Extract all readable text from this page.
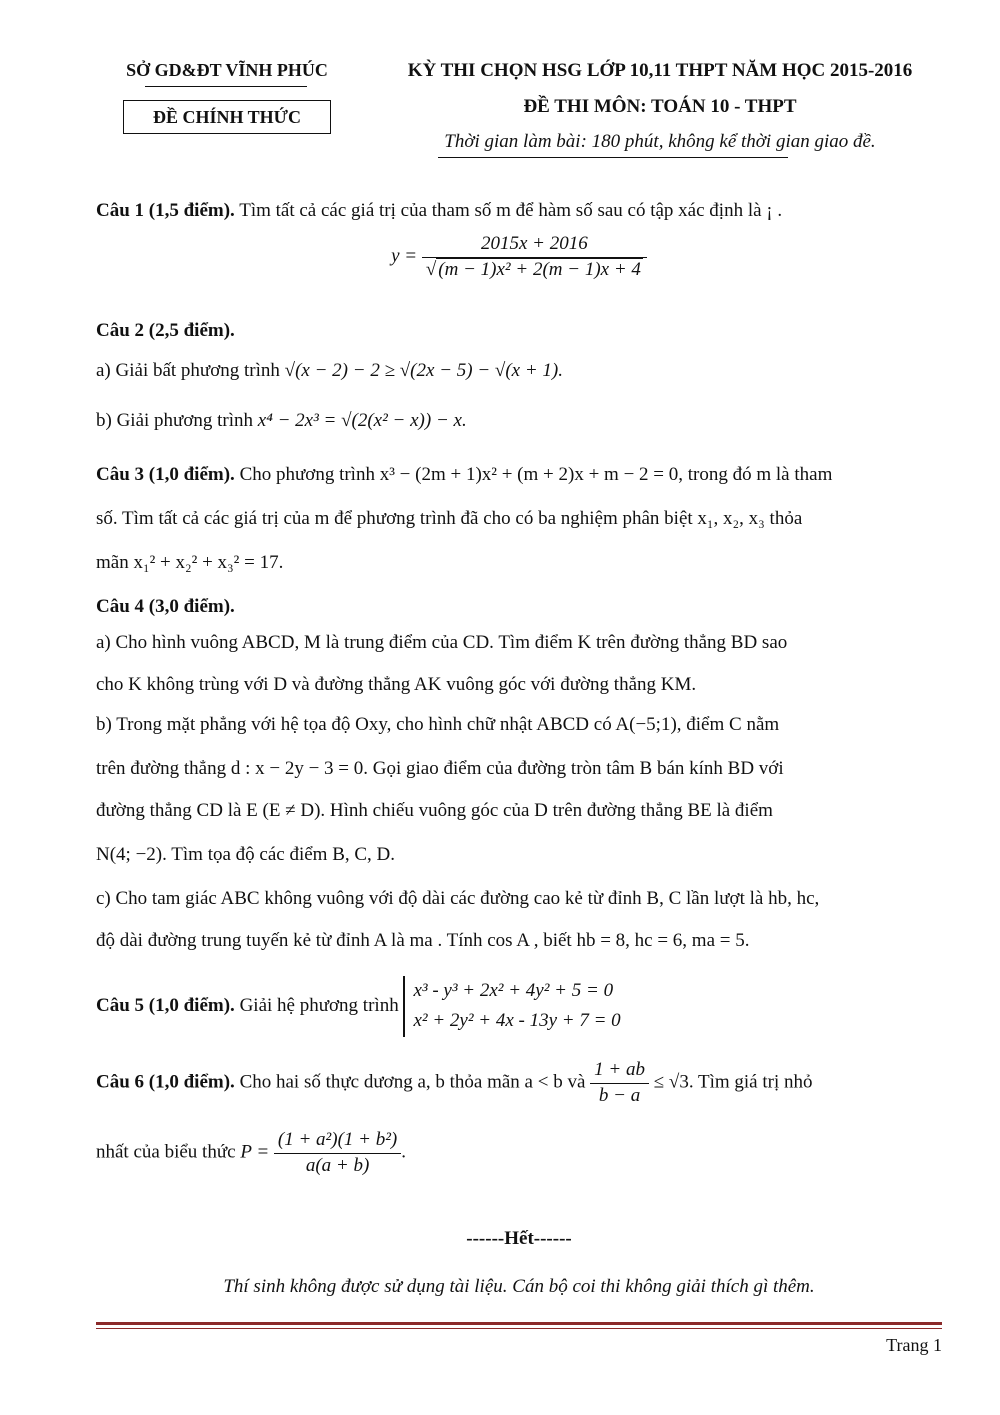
SỞ GD&ĐT VĨNH PHÚC
ĐỀ CHÍNH THỨC
KỲ THI CHỌN HSG LỚP 10,11 THPT NĂM HỌC 2015-2016
ĐỀ THI MÔN: TOÁN 10 - THPT
Thời gian làm bài: 180 phút, không kể thời gian giao đề.
Câu 1 (1,5 điểm). Tìm tất cả các giá trị của tham số m để hàm số sau có tập xác định là ¡ .
$y = \frac{2015x + 2016}{\text{√ (m − 1)x² + 2(m − 1)x + 4}}$
Câu 2 (2,5 điểm).
a) Giải bất phương trình √(x − 2) − 2 ≥ √(2x − 5) − √(x + 1).
b) Giải phương trình x⁴ − 2x³ = √(2(x² − x)) − x.
Câu 3 (1,0 điểm). Cho phương trình x³ − (2m + 1)x² + (m + 2)x + m − 2 = 0, trong đó m là tham
số. Tìm tất cả các giá trị của m để phương trình đã cho có ba nghiệm phân biệt x₁, x₂, x₃ thỏa
mãn x₁² + x₂² + x₃² = 17.
Câu 4 (3,0 điểm).
a) Cho hình vuông ABCD, M là trung điểm của CD. Tìm điểm K trên đường thẳng BD sao
cho K không trùng với D và đường thẳng AK vuông góc với đường thẳng KM.
b) Trong mặt phẳng với hệ tọa độ Oxy, cho hình chữ nhật ABCD có A(−5;1), điểm C nằm
trên đường thẳng d : x − 2y − 3 = 0. Gọi giao điểm của đường tròn tâm B bán kính BD với
đường thẳng CD là E (E ≠ D). Hình chiếu vuông góc của D trên đường thẳng BE là điểm
N(4; −2). Tìm tọa độ các điểm B, C, D.
c) Cho tam giác ABC không vuông với độ dài các đường cao kẻ từ đỉnh B, C lần lượt là hb, hc,
độ dài đường trung tuyến kẻ từ đỉnh A là ma . Tính cos A , biết hb = 8, hc = 6, ma = 5.
Câu 5 (1,0 điểm). Giải hệ phương trình
x³ - y³ + 2x² + 4y² + 5 = 0
x² + 2y² + 4x - 13y + 7 = 0
Câu 6 (1,0 điểm). Cho hai số thực dương a, b thỏa mãn a < b và $\frac{1 + ab}{b - a} \le √3$. Tìm giá trị nhỏ
nhất của biểu thức $P = \frac{\text{(1 + a²)(1 + b²)}}{a(a + b)}$ .
------Hết------
Thí sinh không được sử dụng tài liệu. Cán bộ coi thi không giải thích gì thêm.
Trang 1
